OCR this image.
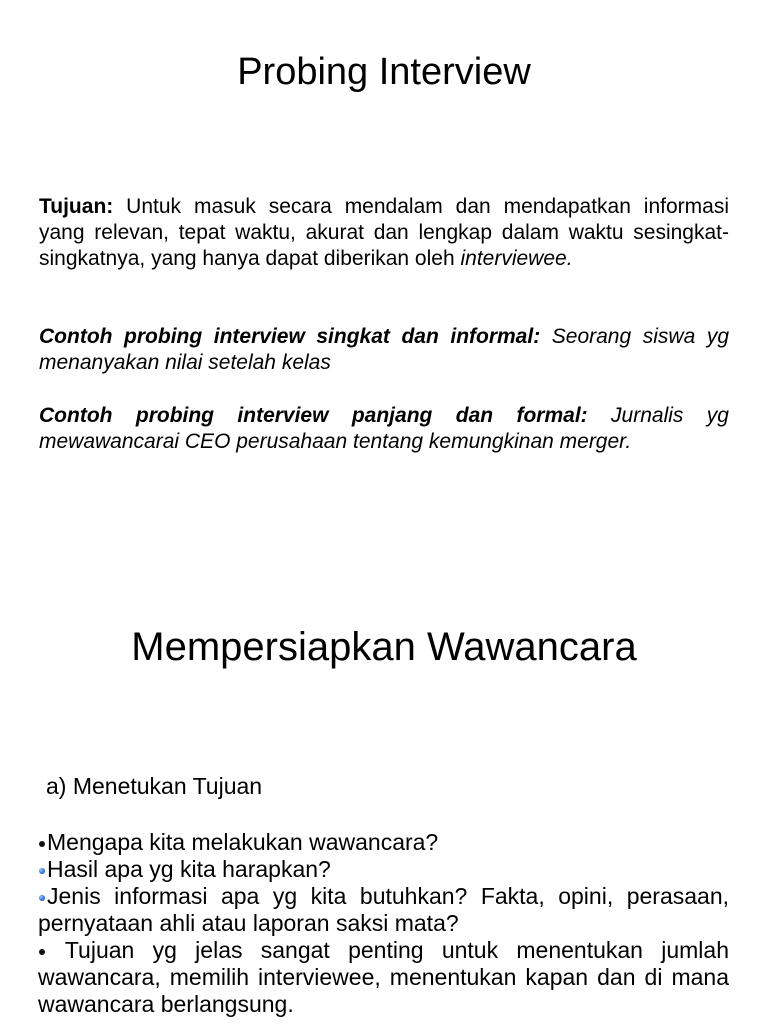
Probing Interview

Tujuan: Untuk masuk secara mendalam dan mendapatkan informasi yang relevan, tepat waktu, akurat dan lengkap dalam waktu sesingkat-singkatnya, yang hanya dapat diberikan oleh interviewee.

Contoh probing interview singkat dan informal: Seorang siswa yg menanyakan nilai setelah kelas

Contoh probing interview panjang dan formal: Jurnalis yg mewawancarai CEO perusahaan tentang kemungkinan merger.

Mempersiapkan Wawancara

a) Menetukan Tujuan

Mengapa kita melakukan wawancara?
Hasil apa yg kita harapkan?
Jenis informasi apa yg kita butuhkan? Fakta, opini, perasaan, pernyataan ahli atau laporan saksi mata?
Tujuan yg jelas sangat penting untuk menentukan jumlah wawancara, memilih interviewee, menentukan kapan dan di mana wawancara berlangsung.
